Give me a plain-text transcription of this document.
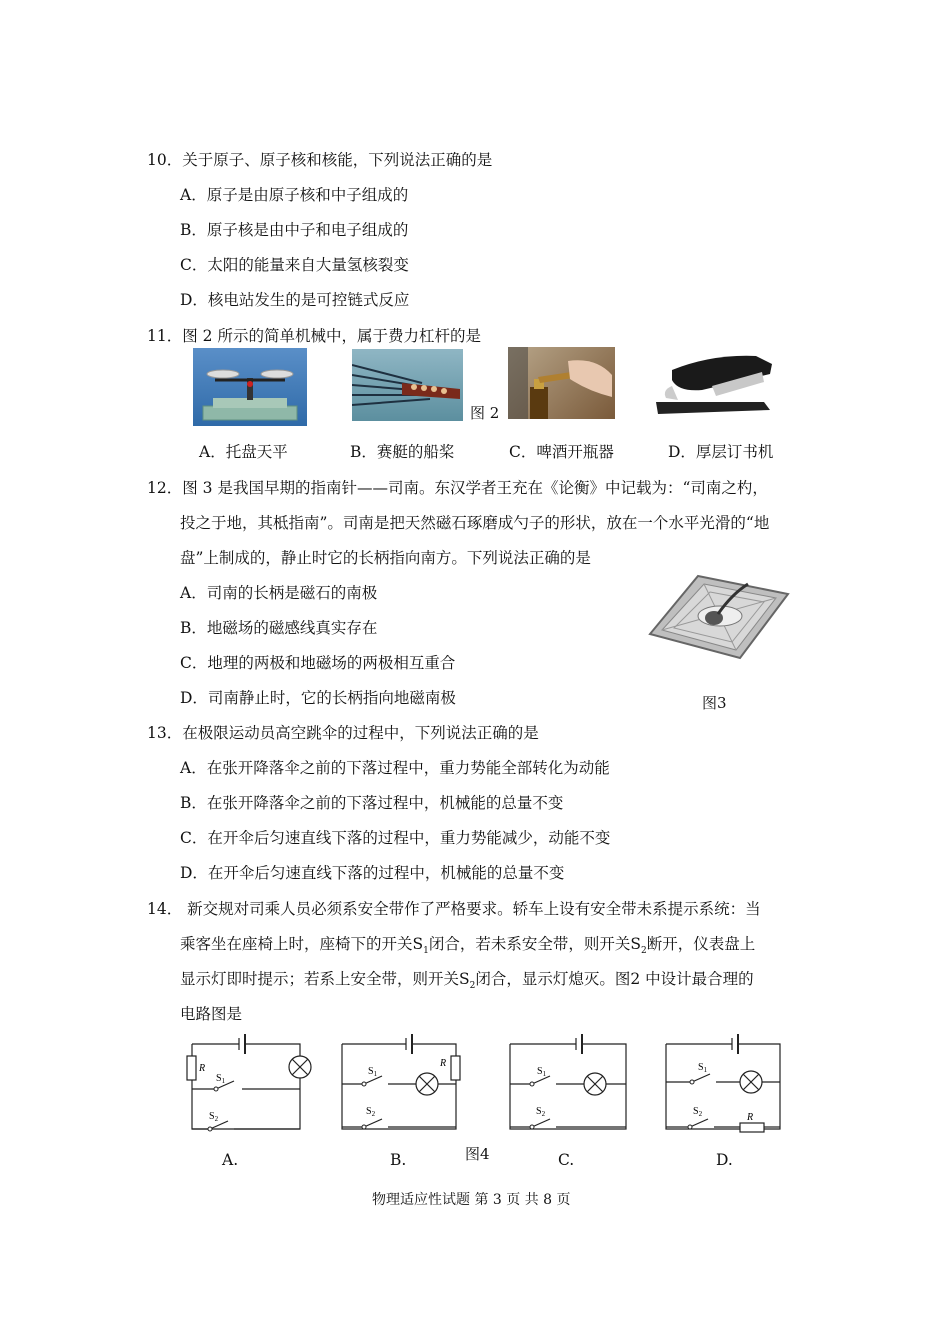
10．关于原子、原子核和核能，下列说法正确的是
A．原子是由原子核和中子组成的
B．原子核是由中子和电子组成的
C．太阳的能量来自大量氢核裂变
D．核电站发生的是可控链式反应
11．图 2 所示的简单机械中，属于费力杠杆的是
图 2
A．托盘天平	B．赛艇的船桨	C．啤酒开瓶器	D．厚层订书机
12．图 3 是我国早期的指南针——司南。东汉学者王充在《论衡》中记载为：“司南之杓，
投之于地，其柢指南”。司南是把天然磁石琢磨成勺子的形状，放在一个水平光滑的“地
盘”上制成的，静止时它的长柄指向南方。下列说法正确的是
A．司南的长柄是磁石的南极
B．地磁场的磁感线真实存在
C．地理的两极和地磁场的两极相互重合
D．司南静止时，它的长柄指向地磁南极	图3
13．在极限运动员高空跳伞的过程中，下列说法正确的是
A．在张开降落伞之前的下落过程中，重力势能全部转化为动能
B．在张开降落伞之前的下落过程中，机械能的总量不变
C．在开伞后匀速直线下落的过程中，重力势能减少，动能不变
D．在开伞后匀速直线下落的过程中，机械能的总量不变
14． 新交规对司乘人员必须系安全带作了严格要求。轿车上设有安全带未系提示系统：当
乘客坐在座椅上时，座椅下的开关$S_1$闭合，若未系安全带，则开关$S_2$断开，仪表盘上
显示灯即时提示；若系上安全带，则开关$S_2$闭合，显示灯熄灭。图2 中设计最合理的
电路图是
R
$S_1$
$S_2$
R
$S_1$
$S_2$
图4
$S_1$
$S_2$	R
$S_1$
$S_2$
A.	B.	C.	D.
物理适应性试题 第 3 页 共 8 页
